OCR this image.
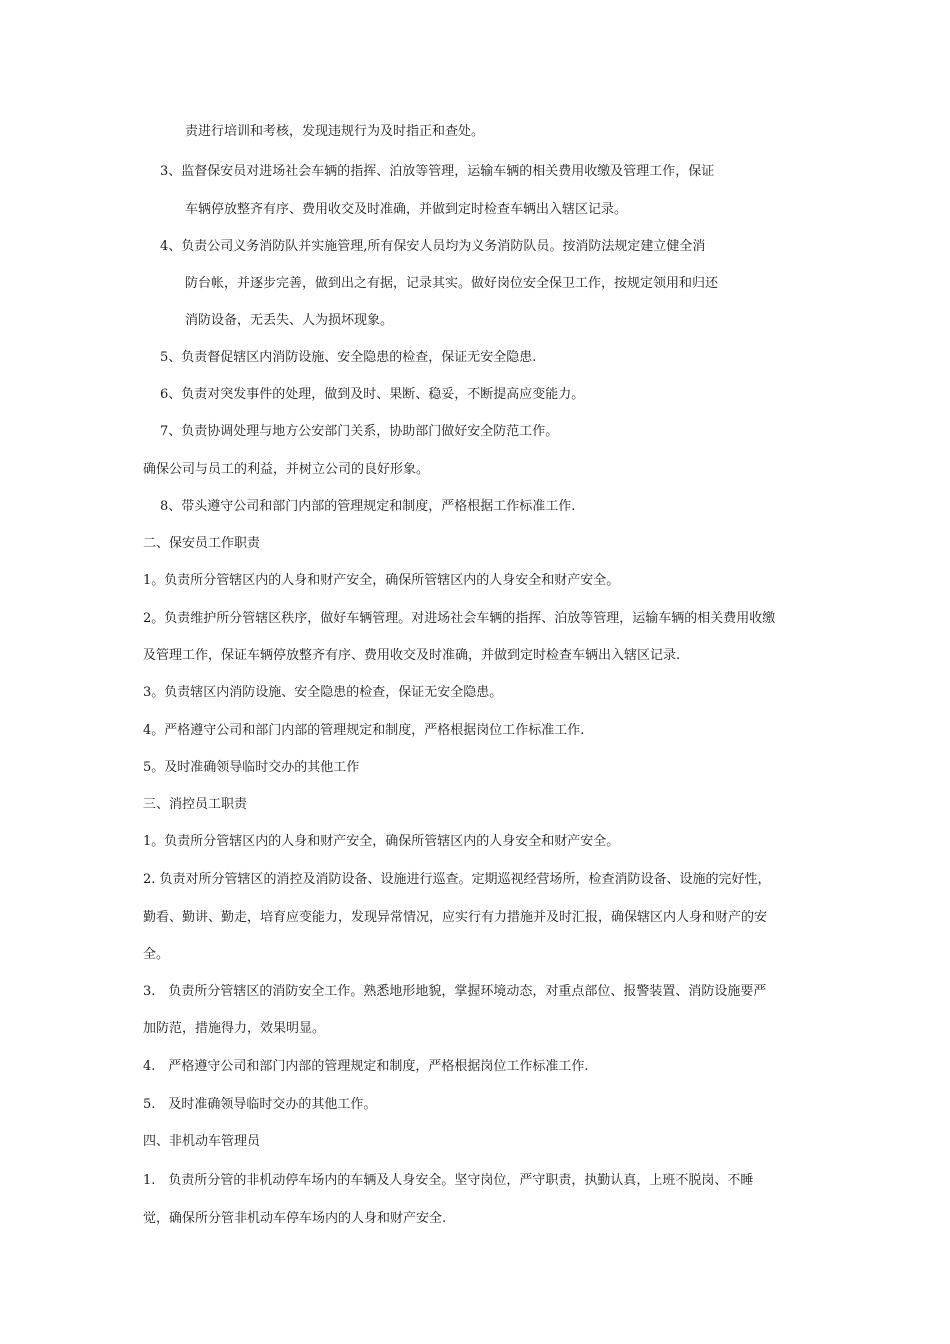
责进行培训和考核，发现违规行为及时指正和查处。

3、监督保安员对进场社会车辆的指挥、泊放等管理，运输车辆的相关费用收缴及管理工作，保证

车辆停放整齐有序、费用收交及时准确，并做到定时检查车辆出入辖区记录。

4、负责公司义务消防队并实施管理,所有保安人员均为义务消防队员。按消防法规定建立健全消

防台帐，并逐步完善，做到出之有据，记录其实。做好岗位安全保卫工作，按规定领用和归还

消防设备，无丢失、人为损坏现象。

5、负责督促辖区内消防设施、安全隐患的检查，保证无安全隐患.

6、负责对突发事件的处理，做到及时、果断、稳妥，不断提高应变能力。

7、负责协调处理与地方公安部门关系，协助部门做好安全防范工作。

确保公司与员工的利益，并树立公司的良好形象。

8、带头遵守公司和部门内部的管理规定和制度，严格根据工作标准工作.

二、保安员工作职责

1。负责所分管辖区内的人身和财产安全，确保所管辖区内的人身安全和财产安全。

2。负责维护所分管辖区秩序，做好车辆管理。对进场社会车辆的指挥、泊放等管理，运输车辆的相关费用收缴

及管理工作，保证车辆停放整齐有序、费用收交及时准确，并做到定时检查车辆出入辖区记录.

3。负责辖区内消防设施、安全隐患的检查，保证无安全隐患。

4。严格遵守公司和部门内部的管理规定和制度，严格根据岗位工作标准工作.

5。及时准确领导临时交办的其他工作

三、消控员工职责

1。负责所分管辖区内的人身和财产安全，确保所管辖区内的人身安全和财产安全。

2. 负责对所分管辖区的消控及消防设备、设施进行巡查。定期巡视经营场所，检查消防设备、设施的完好性，

勤看、勤讲、勤走，培育应变能力，发现异常情况，应实行有力措施并及时汇报，确保辖区内人身和财产的安

全。

3.　负责所分管辖区的消防安全工作。熟悉地形地貌，掌握环境动态，对重点部位、报警装置、消防设施要严

加防范，措施得力，效果明显。

4.　严格遵守公司和部门内部的管理规定和制度，严格根据岗位工作标准工作.

5.　及时准确领导临时交办的其他工作。

四、非机动车管理员

1.　负责所分管的非机动停车场内的车辆及人身安全。坚守岗位，严守职责，执勤认真，上班不脱岗、不睡

觉，确保所分管非机动车停车场内的人身和财产安全.
